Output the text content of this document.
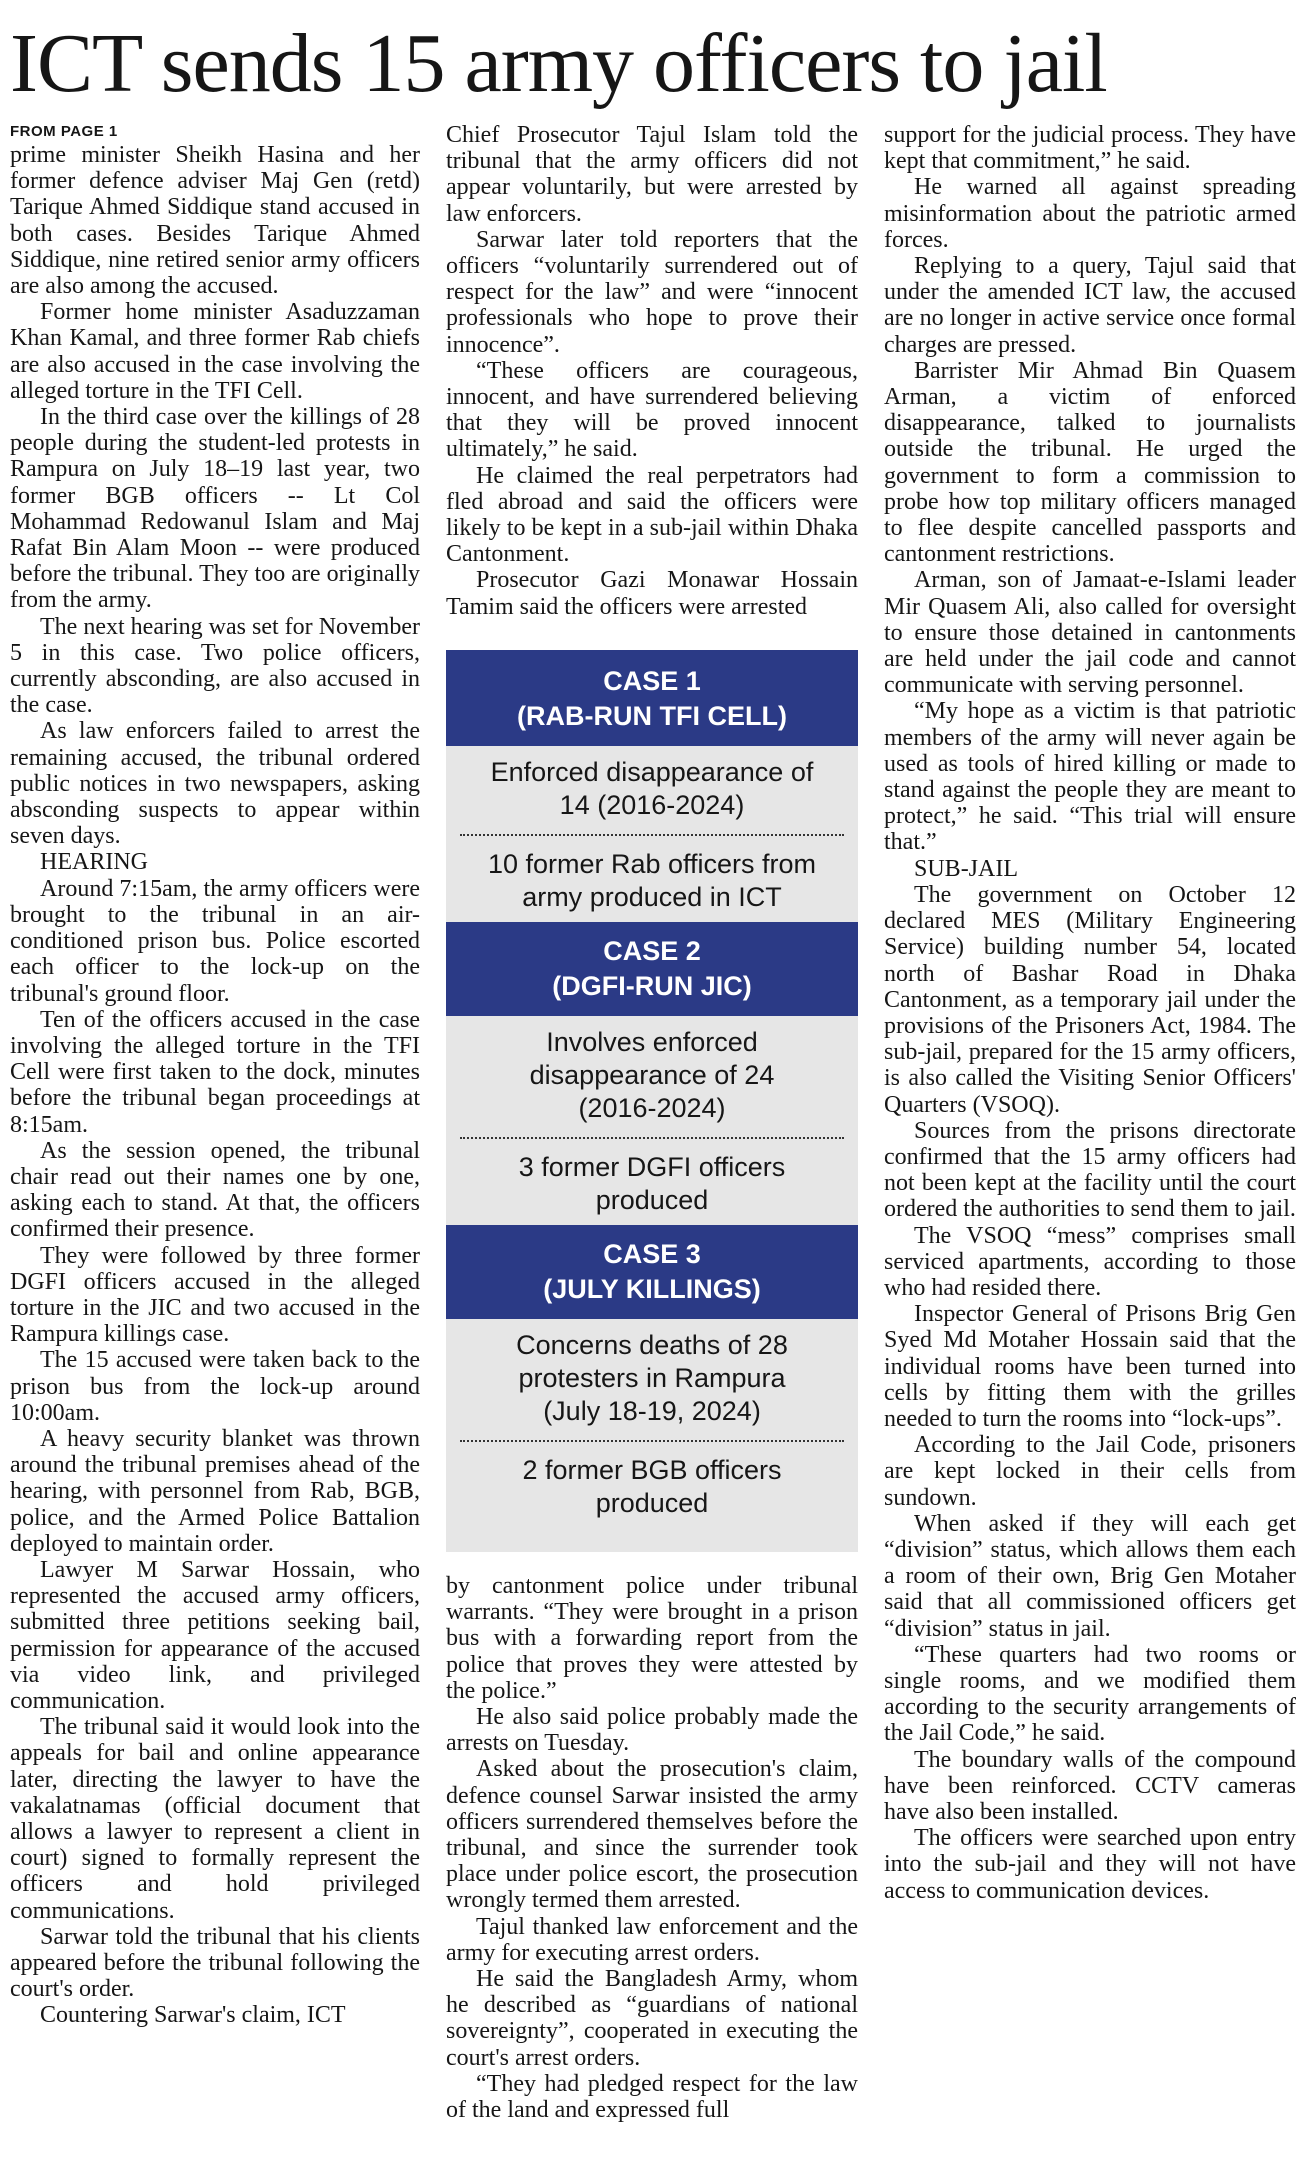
ICT sends 15 army officers to jail
FROM PAGE 1

prime minister Sheikh Hasina and her former defence adviser Maj Gen (retd) Tarique Ahmed Siddique stand accused in both cases. Besides Tarique Ahmed Siddique, nine retired senior army officers are also among the accused.

Former home minister Asaduzzaman Khan Kamal, and three former Rab chiefs are also accused in the case involving the alleged torture in the TFI Cell.

In the third case over the killings of 28 people during the student-led protests in Rampura on July 18–19 last year, two former BGB officers -- Lt Col Mohammad Redowanul Islam and Maj Rafat Bin Alam Moon -- were produced before the tribunal. They too are originally from the army.

The next hearing was set for November 5 in this case. Two police officers, currently absconding, are also accused in the case.

As law enforcers failed to arrest the remaining accused, the tribunal ordered public notices in two newspapers, asking absconding suspects to appear within seven days.

HEARING

Around 7:15am, the army officers were brought to the tribunal in an air-conditioned prison bus. Police escorted each officer to the lock-up on the tribunal's ground floor.

Ten of the officers accused in the case involving the alleged torture in the TFI Cell were first taken to the dock, minutes before the tribunal began proceedings at 8:15am.

As the session opened, the tribunal chair read out their names one by one, asking each to stand. At that, the officers confirmed their presence.

They were followed by three former DGFI officers accused in the alleged torture in the JIC and two accused in the Rampura killings case.

The 15 accused were taken back to the prison bus from the lock-up around 10:00am.

A heavy security blanket was thrown around the tribunal premises ahead of the hearing, with personnel from Rab, BGB, police, and the Armed Police Battalion deployed to maintain order.

Lawyer M Sarwar Hossain, who represented the accused army officers, submitted three petitions seeking bail, permission for appearance of the accused via video link, and privileged communication.

The tribunal said it would look into the appeals for bail and online appearance later, directing the lawyer to have the vakalatnamas (official document that allows a lawyer to represent a client in court) signed to formally represent the officers and hold privileged communications.

Sarwar told the tribunal that his clients appeared before the tribunal following the court's order.

Countering Sarwar's claim, ICT

Chief Prosecutor Tajul Islam told the tribunal that the army officers did not appear voluntarily, but were arrested by law enforcers.

Sarwar later told reporters that the officers “voluntarily surrendered out of respect for the law” and were “innocent professionals who hope to prove their innocence”.

“These officers are courageous, innocent, and have surrendered believing that they will be proved innocent ultimately,” he said.

He claimed the real perpetrators had fled abroad and said the officers were likely to be kept in a sub-jail within Dhaka Cantonment.

Prosecutor Gazi Monawar Hossain Tamim said the officers were arrested

CASE 1
(RAB-RUN TFI CELL)
Enforced disappearance of
14 (2016-2024)
10 former Rab officers from
army produced in ICT
CASE 2
(DGFI-RUN JIC)
Involves enforced
disappearance of 24
(2016-2024)
3 former DGFI officers
produced
CASE 3
(JULY KILLINGS)
Concerns deaths of 28
protesters in Rampura
(July 18-19, 2024)
2 former BGB officers
produced

by cantonment police under tribunal warrants. “They were brought in a prison bus with a forwarding report from the police that proves they were attested by the police.”

He also said police probably made the arrests on Tuesday.

Asked about the prosecution's claim, defence counsel Sarwar insisted the army officers surrendered themselves before the tribunal, and since the surrender took place under police escort, the prosecution wrongly termed them arrested.

Tajul thanked law enforcement and the army for executing arrest orders.

He said the Bangladesh Army, whom he described as “guardians of national sovereignty”, cooperated in executing the court's arrest orders.

“They had pledged respect for the law of the land and expressed full

support for the judicial process. They have kept that commitment,” he said.

He warned all against spreading misinformation about the patriotic armed forces.

Replying to a query, Tajul said that under the amended ICT law, the accused are no longer in active service once formal charges are pressed.

Barrister Mir Ahmad Bin Quasem Arman, a victim of enforced disappearance, talked to journalists outside the tribunal. He urged the government to form a commission to probe how top military officers managed to flee despite cancelled passports and cantonment restrictions.

Arman, son of Jamaat-e-Islami leader Mir Quasem Ali, also called for oversight to ensure those detained in cantonments are held under the jail code and cannot communicate with serving personnel.

“My hope as a victim is that patriotic members of the army will never again be used as tools of hired killing or made to stand against the people they are meant to protect,” he said. “This trial will ensure that.”

SUB-JAIL

The government on October 12 declared MES (Military Engineering Service) building number 54, located north of Bashar Road in Dhaka Cantonment, as a temporary jail under the provisions of the Prisoners Act, 1984. The sub-jail, prepared for the 15 army officers, is also called the Visiting Senior Officers' Quarters (VSOQ).

Sources from the prisons directorate confirmed that the 15 army officers had not been kept at the facility until the court ordered the authorities to send them to jail.

The VSOQ “mess” comprises small serviced apartments, according to those who had resided there.

Inspector General of Prisons Brig Gen Syed Md Motaher Hossain said that the individual rooms have been turned into cells by fitting them with the grilles needed to turn the rooms into “lock-ups”.

According to the Jail Code, prisoners are kept locked in their cells from sundown.

When asked if they will each get “division” status, which allows them each a room of their own, Brig Gen Motaher said that all commissioned officers get “division” status in jail.

“These quarters had two rooms or single rooms, and we modified them according to the security arrangements of the Jail Code,” he said.

The boundary walls of the compound have been reinforced. CCTV cameras have also been installed.

The officers were searched upon entry into the sub-jail and they will not have access to communication devices.
